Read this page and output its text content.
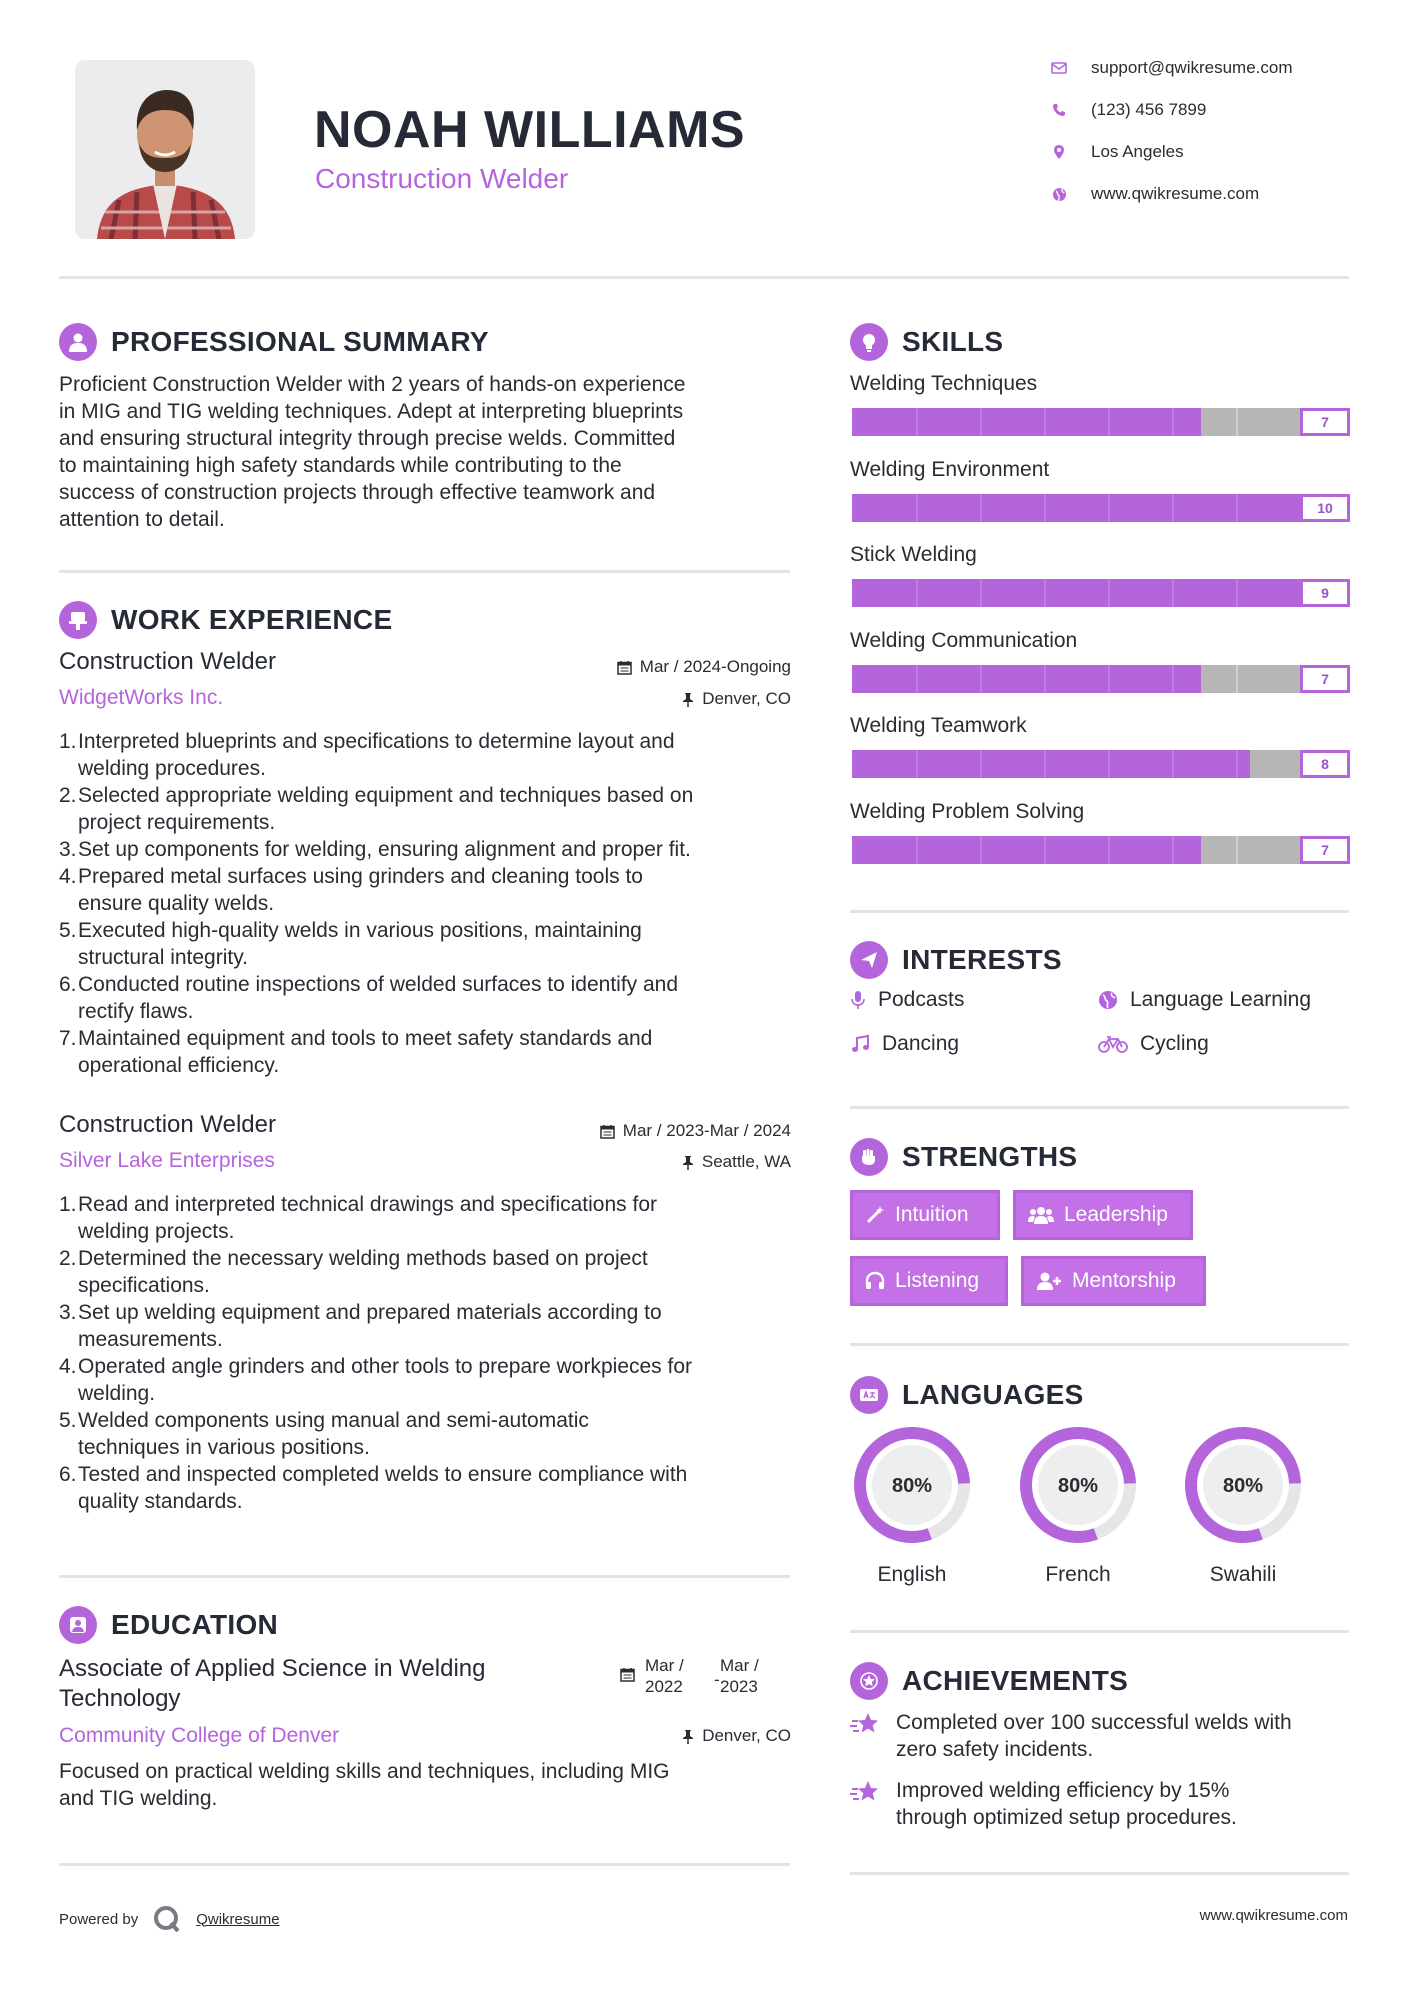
NOAH WILLIAMS
Construction Welder
support@qwikresume.com
(123) 456 7899
Los Angeles
www.qwikresume.com
PROFESSIONAL SUMMARY
Proficient Construction Welder with 2 years of hands-on experience
in MIG and TIG welding techniques. Adept at interpreting blueprints
and ensuring structural integrity through precise welds. Committed
to maintaining high safety standards while contributing to the
success of construction projects through effective teamwork and
attention to detail.
WORK EXPERIENCE
Construction Welder
WidgetWorks Inc.
Mar / 2024-Ongoing
Denver, CO
1. Interpreted blueprints and specifications to determine layout and
welding procedures.
2. Selected appropriate welding equipment and techniques based on
project requirements.
3. Set up components for welding, ensuring alignment and proper fit.
4. Prepared metal surfaces using grinders and cleaning tools to
ensure quality welds.
5. Executed high-quality welds in various positions, maintaining
structural integrity.
6. Conducted routine inspections of welded surfaces to identify and
rectify flaws.
7. Maintained equipment and tools to meet safety standards and
operational efficiency.
Construction Welder
Silver Lake Enterprises
Mar / 2023-Mar / 2024
Seattle, WA
1. Read and interpreted technical drawings and specifications for
welding projects.
2. Determined the necessary welding methods based on project
specifications.
3. Set up welding equipment and prepared materials according to
measurements.
4. Operated angle grinders and other tools to prepare workpieces for
welding.
5. Welded components using manual and semi-automatic
techniques in various positions.
6. Tested and inspected completed welds to ensure compliance with
quality standards.
EDUCATION
Associate of Applied Science in Welding
Technology
Community College of Denver
Mar /
2022	-
Mar /
2023
Denver, CO
Focused on practical welding skills and techniques, including MIG
and TIG welding.
Powered by	Qwikresume	www.qwikresume.com
SKILLS
Welding Techniques
7
Welding Environment
10
Stick Welding
9
Welding Communication
7
Welding Teamwork
8
Welding Problem Solving
7
INTERESTS
Podcasts	Language Learning
Dancing	Cycling
STRENGTHS
Intuition	Leadership
Listening	Mentorship
LANGUAGES
80%
English
80%
French
80%
Swahili
ACHIEVEMENTS
Completed over 100 successful welds with
zero safety incidents.
Improved welding efficiency by 15%
through optimized setup procedures.
